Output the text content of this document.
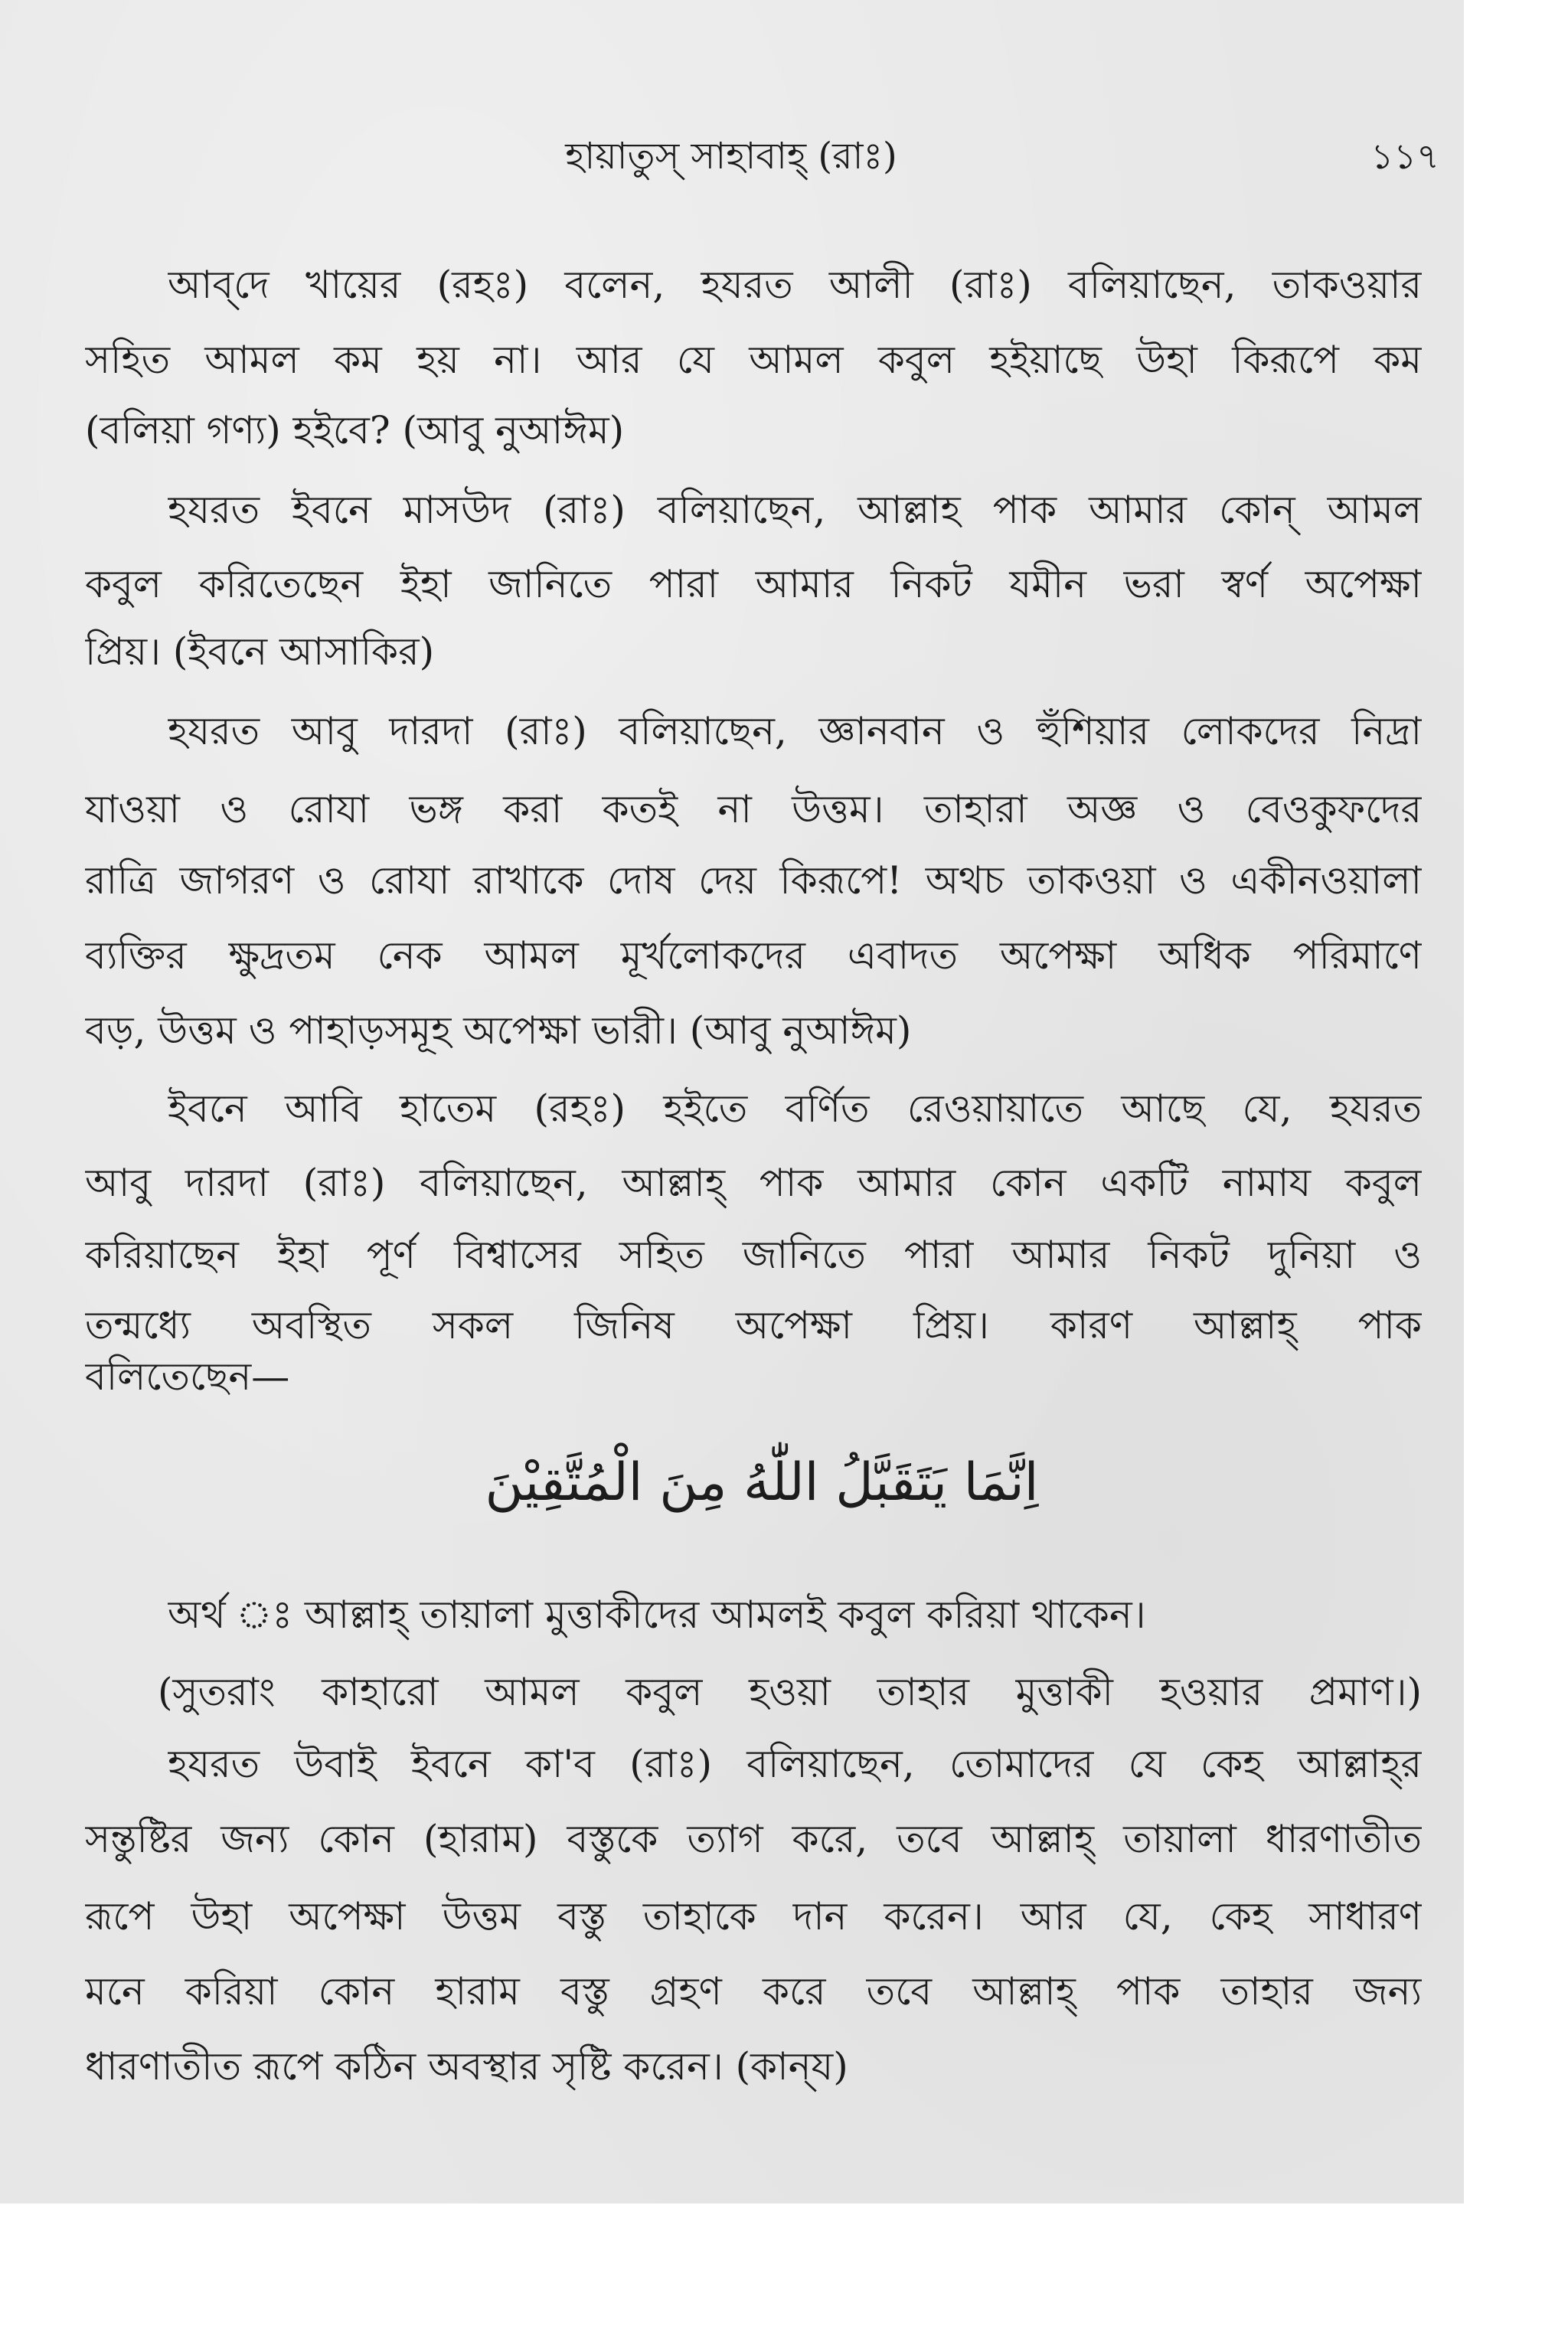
হায়াতুস্ সাহাবাহ্ (রাঃ)	১১৭
আব্‌দে খায়ের (রহঃ) বলেন, হযরত আলী (রাঃ) বলিয়াছেন, তাকওয়ার
সহিত আমল কম হয় না। আর যে আমল কবুল হইয়াছে উহা কিরূপে কম
(বলিয়া গণ্য) হইবে? (আবু নুআঈম)
হযরত ইবনে মাসউদ (রাঃ) বলিয়াছেন, আল্লাহ পাক আমার কোন্ আমল
কবুল করিতেছেন ইহা জানিতে পারা আমার নিকট যমীন ভরা স্বর্ণ অপেক্ষা
প্রিয়। (ইবনে আসাকির)
হযরত আবু দারদা (রাঃ) বলিয়াছেন, জ্ঞানবান ও হুঁশিয়ার লোকদের নিদ্রা
যাওয়া ও রোযা ভঙ্গ করা কতই না উত্তম। তাহারা অজ্ঞ ও বেওকুফদের
রাত্রি জাগরণ ও রোযা রাখাকে দোষ দেয় কিরূপে! অথচ তাকওয়া ও একীনওয়ালা
ব্যক্তির ক্ষুদ্রতম নেক আমল মূর্খলোকদের এবাদত অপেক্ষা অধিক পরিমাণে
বড়, উত্তম ও পাহাড়সমূহ অপেক্ষা ভারী। (আবু নুআঈম)
ইবনে আবি হাতেম (রহঃ) হইতে বর্ণিত রেওয়ায়াতে আছে যে, হযরত
আবু দারদা (রাঃ) বলিয়াছেন, আল্লাহ্ পাক আমার কোন একটি নামায কবুল
করিয়াছেন ইহা পূর্ণ বিশ্বাসের সহিত জানিতে পারা আমার নিকট দুনিয়া ও
তন্মধ্যে অবস্থিত সকল জিনিষ অপেক্ষা প্রিয়। কারণ আল্লাহ্ পাক
বলিতেছেন—
اِنَّمَا يَتَقَبَّلُ اللّٰهُ مِنَ الْمُتَّقِيْنَ
অর্থ ঃ আল্লাহ্ তায়ালা মুত্তাকীদের আমলই কবুল করিয়া থাকেন।
(সুতরাং কাহারো আমল কবুল হওয়া তাহার মুত্তাকী হওয়ার প্রমাণ।)
হযরত উবাই ইবনে কা'ব (রাঃ) বলিয়াছেন, তোমাদের যে কেহ আল্লাহ্‌র
সন্তুষ্টির জন্য কোন (হারাম) বস্তুকে ত্যাগ করে, তবে আল্লাহ্ তায়ালা ধারণাতীত
রূপে উহা অপেক্ষা উত্তম বস্তু তাহাকে দান করেন। আর যে, কেহ সাধারণ
মনে করিয়া কোন হারাম বস্তু গ্রহণ করে তবে আল্লাহ্ পাক তাহার জন্য
ধারণাতীত রূপে কঠিন অবস্থার সৃষ্টি করেন। (কান্‌য)
